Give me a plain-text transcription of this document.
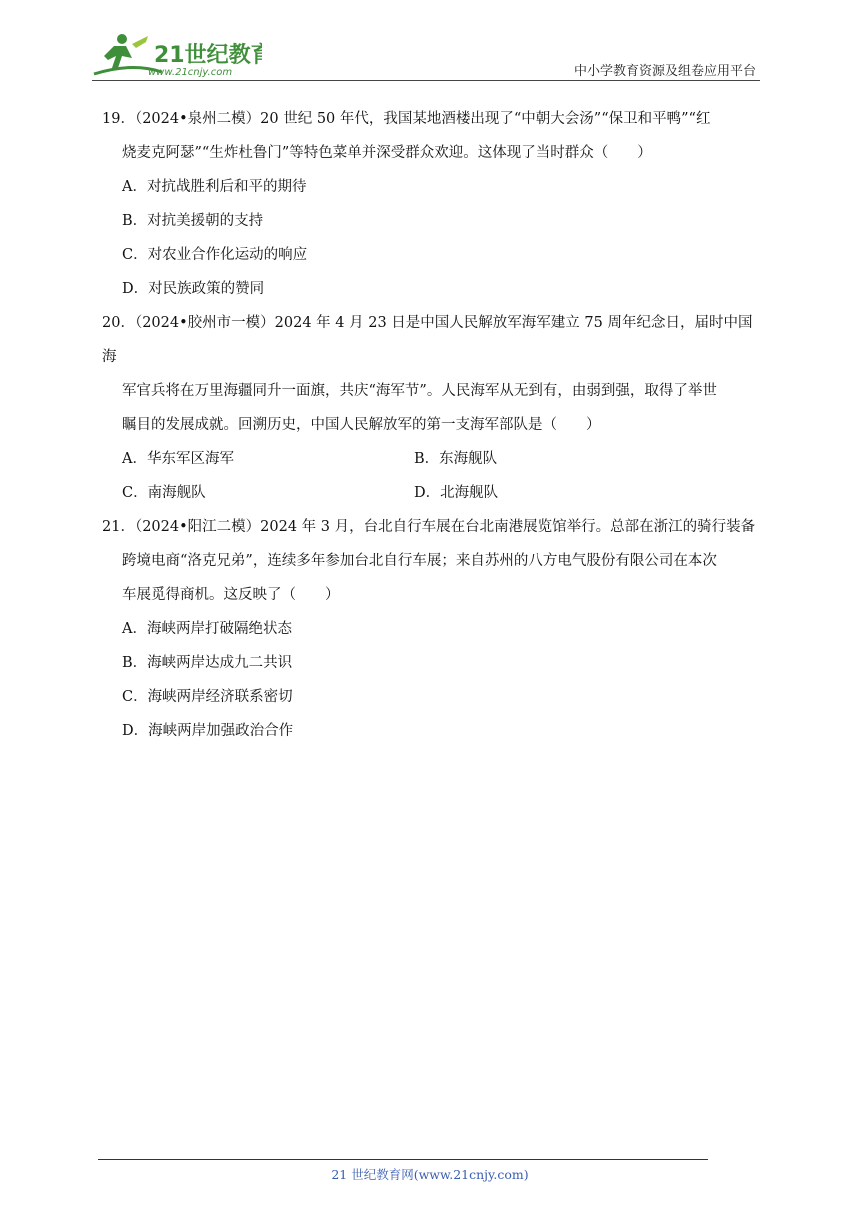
21世纪教育
www.21cnjy.com	中小学教育资源及组卷应用平台
19．（2024•泉州二模）20 世纪 50 年代，我国某地酒楼出现了“中朝大会汤”“保卫和平鸭”“红
烧麦克阿瑟”“生炸杜鲁门”等特色菜单并深受群众欢迎。这体现了当时群众（　　）
A．对抗战胜利后和平的期待
B．对抗美援朝的支持
C．对农业合作化运动的响应
D．对民族政策的赞同
20．（2024•胶州市一模）2024 年 4 月 23 日是中国人民解放军海军建立 75 周年纪念日，届时中国海
军官兵将在万里海疆同升一面旗，共庆“海军节”。人民海军从无到有，由弱到强，取得了举世
瞩目的发展成就。回溯历史，中国人民解放军的第一支海军部队是（　　）
A．华东军区海军	B．东海舰队
C．南海舰队	D．北海舰队
21．（2024•阳江二模）2024 年 3 月，台北自行车展在台北南港展览馆举行。总部在浙江的骑行装备
跨境电商“洛克兄弟”，连续多年参加台北自行车展；来自苏州的八方电气股份有限公司在本次
车展觅得商机。这反映了（　　）
A．海峡两岸打破隔绝状态
B．海峡两岸达成九二共识
C．海峡两岸经济联系密切
D．海峡两岸加强政治合作
21 世纪教育网(www.21cnjy.com)
